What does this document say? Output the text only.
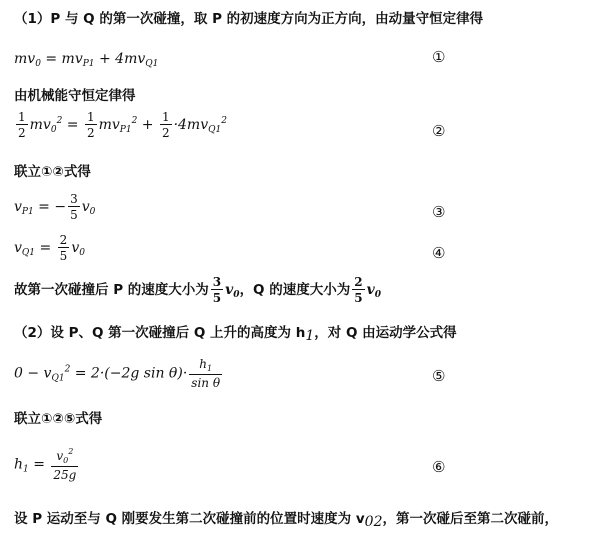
（1）P 与 Q 的第一次碰撞，取 P 的初速度方向为正方向，由动量守恒定律得
$mv_0 = mv_{P1} + 4mv_{Q1}$	①
由机械能守恒定律得
$\frac{1}{2} mv_0^2 = \frac{1}{2} mv_{P1}^2 + \frac{1}{2} \cdot 4mv_{Q1}^2$
②
联立①②式得
$v_{P1}$ = − $\frac{3}{5} v_0$	③
$v_{Q1} = \frac{2}{5} v_0$	④
故第一次碰撞后 P 的速度大小为 $\frac{3}{5} v_0$，Q 的速度大小为 $\frac{2}{5} v_0$
（2）设 P、Q 第一次碰撞后 Q 上升的高度为 $h_1$，对 Q 由运动学公式得
$0 - v_{Q1}^2 = 2\cdot(-2g$ $\sin \theta)\cdot \frac{h_1}{\text{sin θ}}$	⑤
联立①②⑤式得
$h_1 = \frac{v_0^2}{25g}$	⑥
设 P 运动至与 Q 刚要发生第二次碰撞前的位置时速度为 $v_{02}$，第一次碰后至第二次碰前，
